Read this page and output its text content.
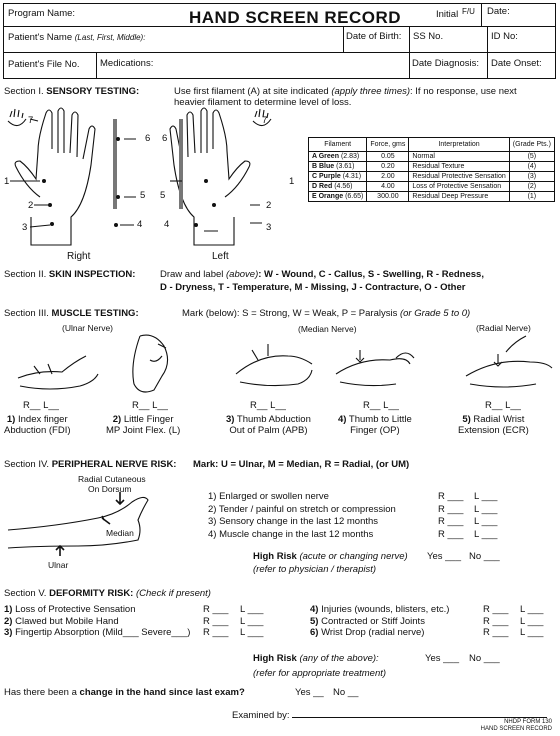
Program Name:	HAND SCREEN RECORD	Initial F/U Date:
Patient's Name (Last, First, Middle):	Date of Birth: SS No.	ID No:
Patient's File No. Medications:	Date Diagnosis: Date Onset:
Section I. SENSORY TESTING:	Use first filament (A) at site indicated (apply three times): If no response, use next
heavier filament to determine level of loss.
7
6
1
2
3	4
5
7
6
1
2
3
4
5
Right	Left
Filament	Force, gms	Interpretation	(Grade Pts.)
A Green (2.83)	0.05	Normal	(5)
B Blue (3.61)	0.20	Residual Texture	(4)
C Purple (4.31)	2.00	Residual Protective Sensation	(3)
D Red (4.56)	4.00	Loss of Protective Sensation	(2)
E Orange (6.65)	300.00	Residual Deep Pressure	(1)
Section II. SKIN INSPECTION:	Draw and label (above): W - Wound, C - Callus, S - Swelling, R - Redness,
D - Dryness, T - Temperature, M - Missing, J - Contracture, O - Other
Section III. MUSCLE TESTING:	Mark (below): S = Strong, W = Weak, P = Paralysis (or Grade 5 to 0)
(Ulnar Nerve)	(Median Nerve)	(Radial Nerve)
R__ L__
1) Index finger
Abduction (FDI)
R__ L__
2) Little Finger
MP Joint Flex. (L)
R__ L__
3) Thumb Abduction
Out of Palm (APB)
R__ L__
4) Thumb to Little
Finger (OP)
R__ L__
5) Radial Wrist
Extension (ECR)
Section IV. PERIPHERAL NERVE RISK: Mark: U = Ulnar, M = Median, R = Radial, (or UM)
Radial Cutaneous
On Dorsum
Median
Ulnar
1) Enlarged or swollen nerve	R ___ L ___
2) Tender / painful on stretch or compression	R ___ L ___
3) Sensory change in the last 12 months	R ___ L ___
4) Muscle change in the last 12 months	R ___ L ___
High Risk (acute or changing nerve) Yes ___ No ___
(refer to physician / therapist)
Section V. DEFORMITY RISK: (Check if present)
1) Loss of Protective Sensation	R ___ L ___
2) Clawed but Mobile Hand	R ___ L ___
3) Fingertip Absorption (Mild___ Severe___) R ___ L ___
4) Injuries (wounds, blisters, etc.)	R ___ L ___
5) Contracted or Stiff Joints	R ___ L ___
6) Wrist Drop (radial nerve)	R ___ L ___
High Risk (any of the above):	Yes ___ No ___
(refer for appropriate treatment)
Has there been a change in the hand since last exam?	Yes __ No __
Examined by:
NHDP FORM 130
HAND SCREEN RECORD
